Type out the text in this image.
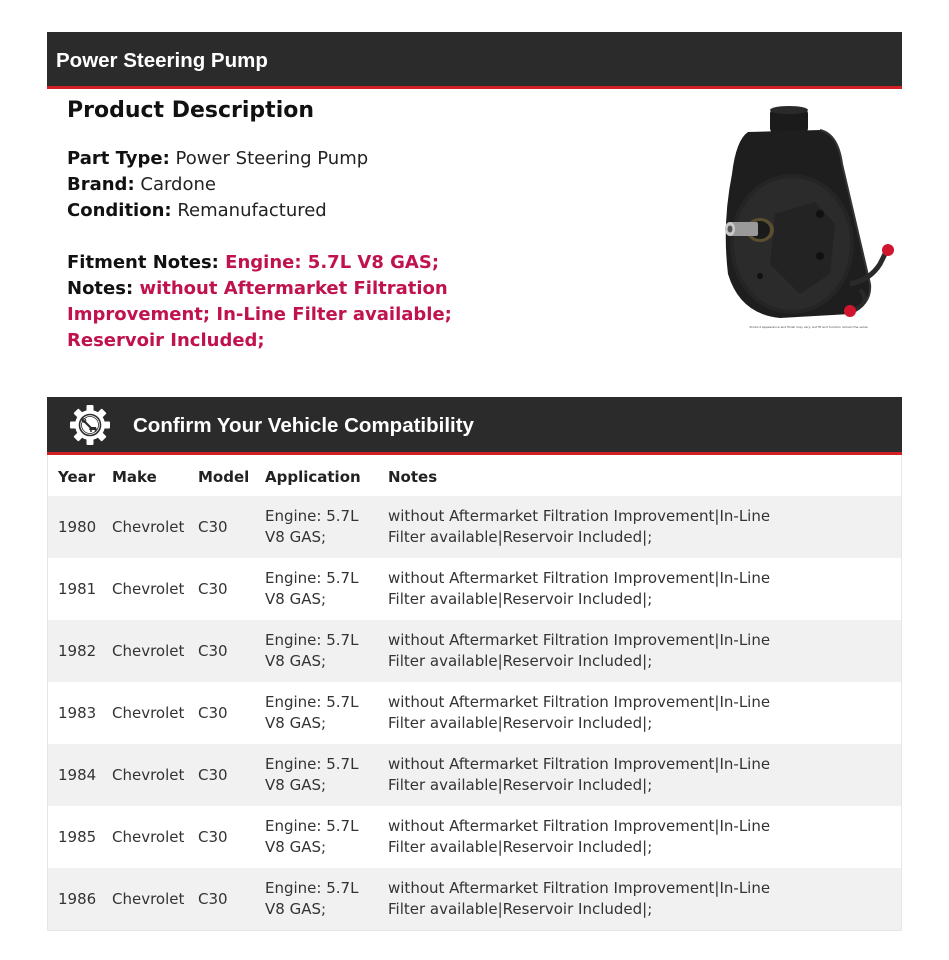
Power Steering Pump
Product Description
Part Type: Power Steering Pump
Brand: Cardone
Condition: Remanufactured
Fitment Notes: Engine: 5.7L V8 GAS;
Notes: without Aftermarket Filtration
Improvement; In-Line Filter available;
Reservoir Included;
Product appearance and finish may vary, but fit and function remain the same.
Confirm Your Vehicle Compatibility
Year	Make	Model	Application	Notes
1980	Chevrolet	C30	Engine: 5.7L V8 GAS;	without Aftermarket Filtration Improvement|In-Line Filter available|Reservoir Included|;
1981	Chevrolet	C30	Engine: 5.7L V8 GAS;	without Aftermarket Filtration Improvement|In-Line Filter available|Reservoir Included|;
1982	Chevrolet	C30	Engine: 5.7L V8 GAS;	without Aftermarket Filtration Improvement|In-Line Filter available|Reservoir Included|;
1983	Chevrolet	C30	Engine: 5.7L V8 GAS;	without Aftermarket Filtration Improvement|In-Line Filter available|Reservoir Included|;
1984	Chevrolet	C30	Engine: 5.7L V8 GAS;	without Aftermarket Filtration Improvement|In-Line Filter available|Reservoir Included|;
1985	Chevrolet	C30	Engine: 5.7L V8 GAS;	without Aftermarket Filtration Improvement|In-Line Filter available|Reservoir Included|;
1986	Chevrolet	C30	Engine: 5.7L V8 GAS;	without Aftermarket Filtration Improvement|In-Line Filter available|Reservoir Included|;
